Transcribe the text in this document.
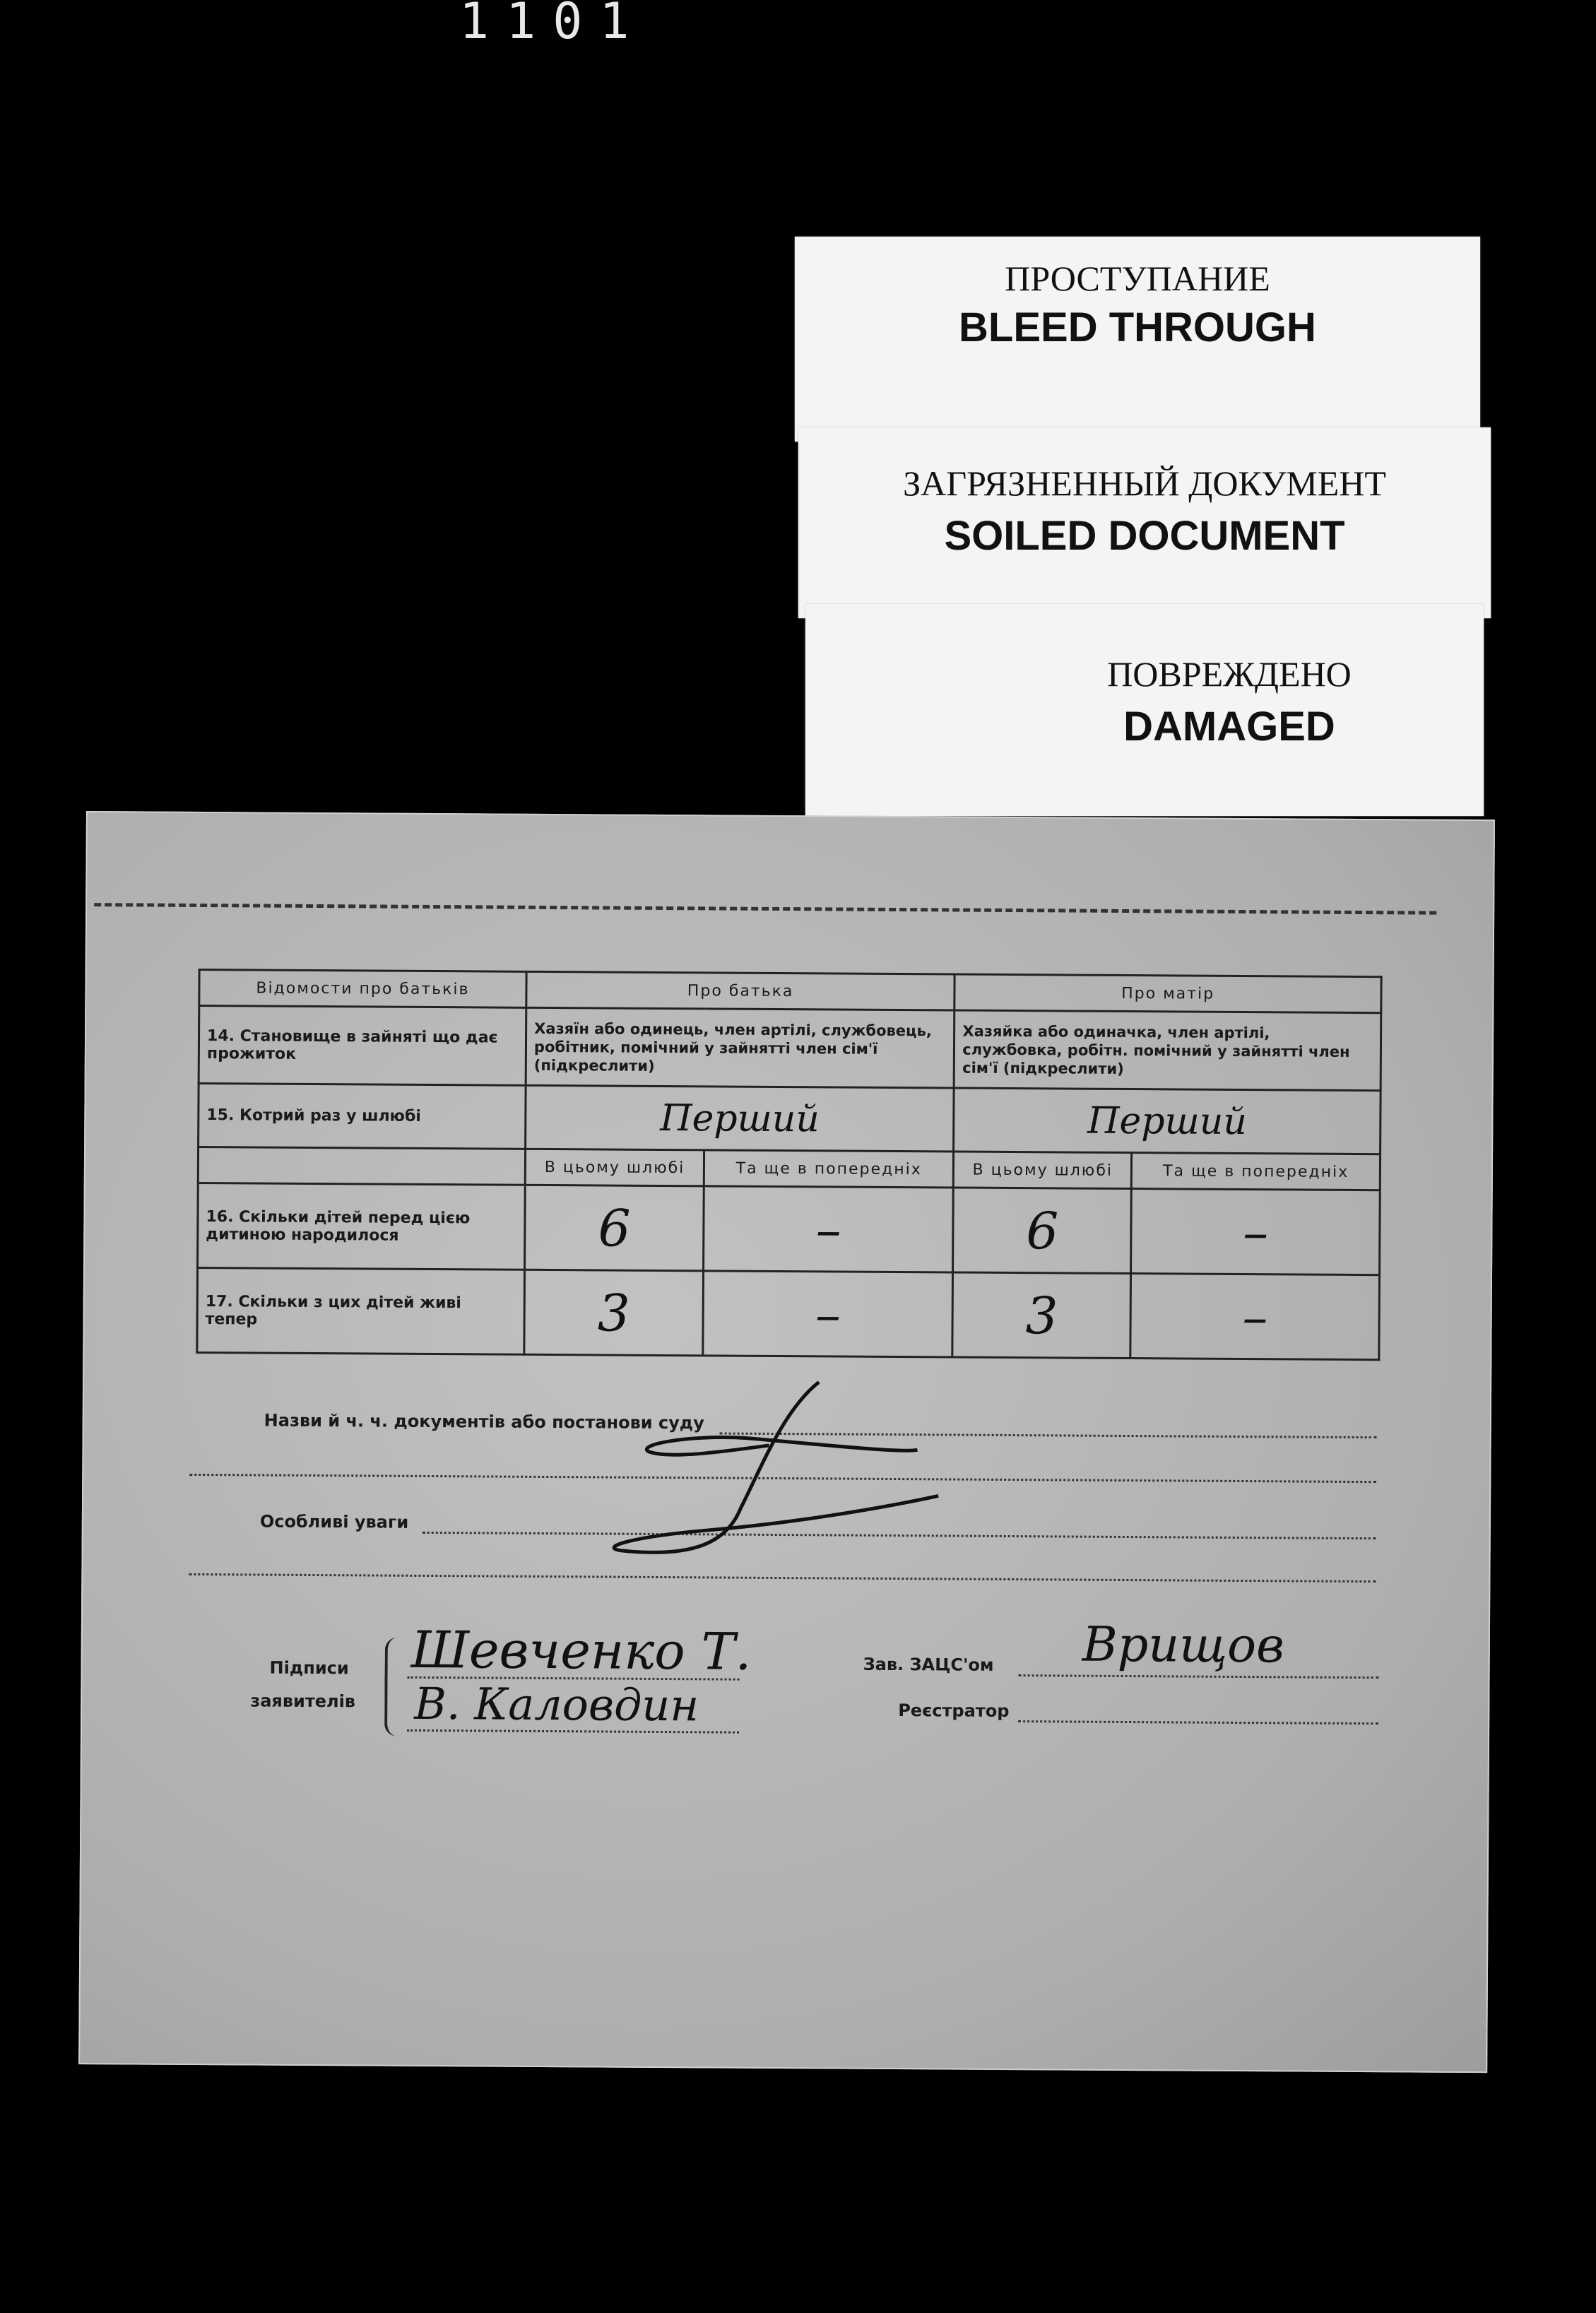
1101
ПРОСТУПАНИЕ
BLEED THROUGH
ЗАГРЯЗНЕННЫЙ ДОКУМЕНТ
SOILED DOCUMENT
ПОВРЕЖДЕНО
DAMAGED
Відомости про батьків	Про батька		Про матір	
14. Становище в зайняті що дає прожиток	Хазяїн або одинець, член артілі, службовець, робітник, помічний у зайнятті член сім'ї (підкреслити)		Хазяйка або одиначка, член артілі, службовка, робітн. помічний у зайнятті член сім'ї (підкреслити)	
15. Котрий раз у шлюбі	Перший		Перший	
	В цьому шлюбі	Та ще в попередніх	В цьому шлюбі	Та ще в попередніх
16. Скільки дітей перед цією дитиною народилося	6	–	6	–
17. Скільки з цих дітей живі тепер	3	–	3	–
Назви й ч. ч. документів або постанови суду
Особливі уваги
Підписи
заявителів
Шевченко Т.
В. Каловдин
Зав. ЗАЦС'ом Врищов
Реєстратор
